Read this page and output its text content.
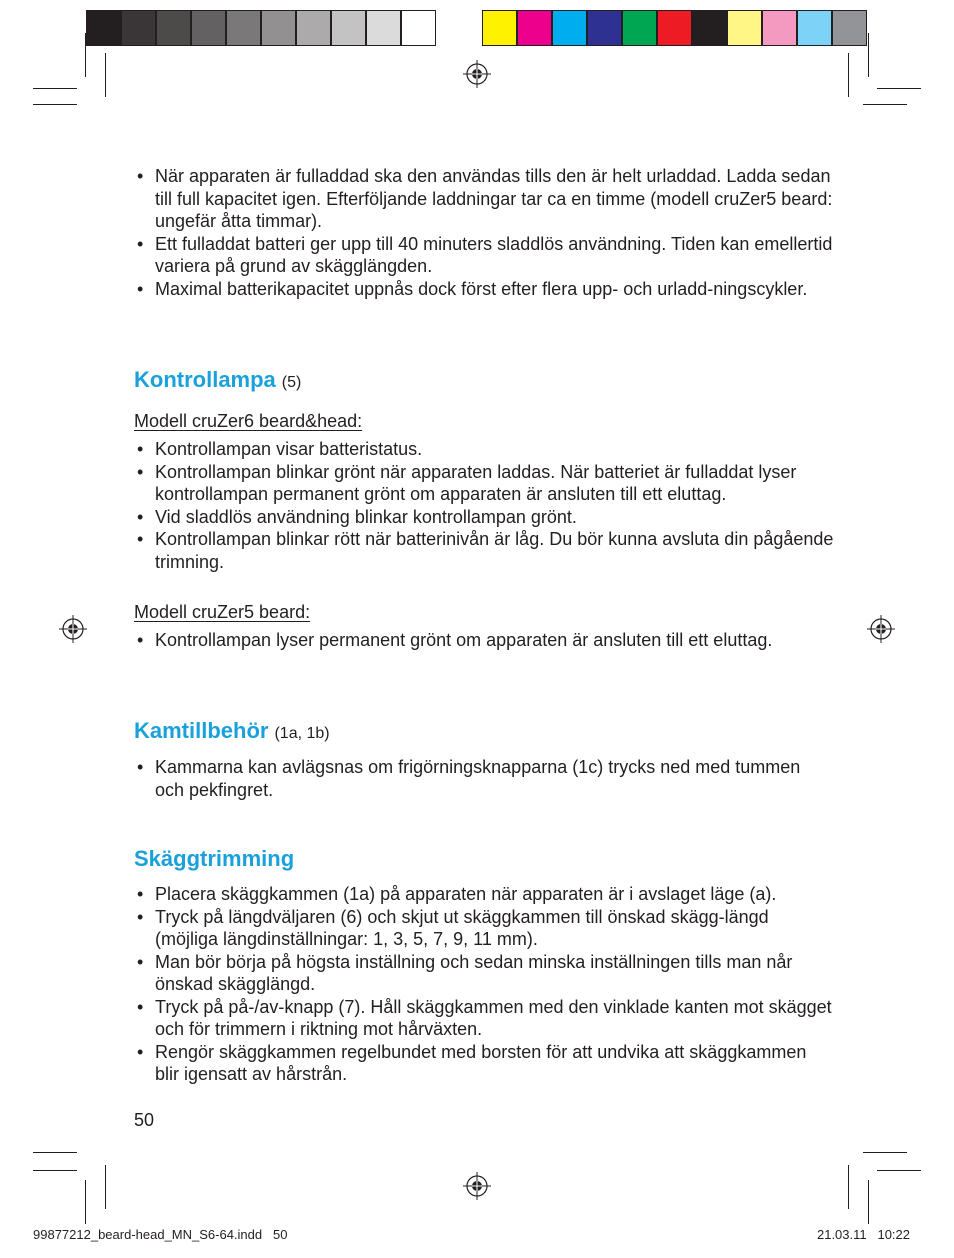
• När apparaten är fulladdad ska den användas tills den är helt urladdad. Ladda sedan till full kapacitet igen. Efterföljande laddningar tar ca en timme (modell cruZer5 beard: ungefär åtta timmar).
• Ett fulladdat batteri ger upp till 40 minuters sladdlös användning. Tiden kan emellertid variera på grund av skägglängden.
• Maximal batterikapacitet uppnås dock först efter flera upp- och urladd-ningscykler.
Kontrollampa (5)
Modell cruZer6 beard&head:
• Kontrollampan visar batteristatus.
• Kontrollampan blinkar grönt när apparaten laddas. När batteriet är fulladdat lyser kontrollampan permanent grönt om apparaten är ansluten till ett eluttag.
• Vid sladdlös användning blinkar kontrollampan grönt.
• Kontrollampan blinkar rött när batterinivån är låg. Du bör kunna avsluta din pågående trimning.
Modell cruZer5 beard:
• Kontrollampan lyser permanent grönt om apparaten är ansluten till ett eluttag.
Kamtillbehör (1a, 1b)
• Kammarna kan avlägsnas om frigörningsknapparna (1c) trycks ned med tummen och pekfingret.
Skäggtrimming
• Placera skäggkammen (1a) på apparaten när apparaten är i avslaget läge (a).
• Tryck på längdväljaren (6) och skjut ut skäggkammen till önskad skägg-längd (möjliga längdinställningar: 1, 3, 5, 7, 9, 11 mm).
• Man bör börja på högsta inställning och sedan minska inställningen tills man når önskad skägglängd.
• Tryck på på-/av-knapp (7). Håll skäggkammen med den vinklade kanten mot skägget och för trimmern i riktning mot hårväxten.
• Rengör skäggkammen regelbundet med borsten för att undvika att skäggkammen blir igensatt av hårstrån.
50
99877212_beard-head_MN_S6-64.indd   50	21.03.11   10:22
